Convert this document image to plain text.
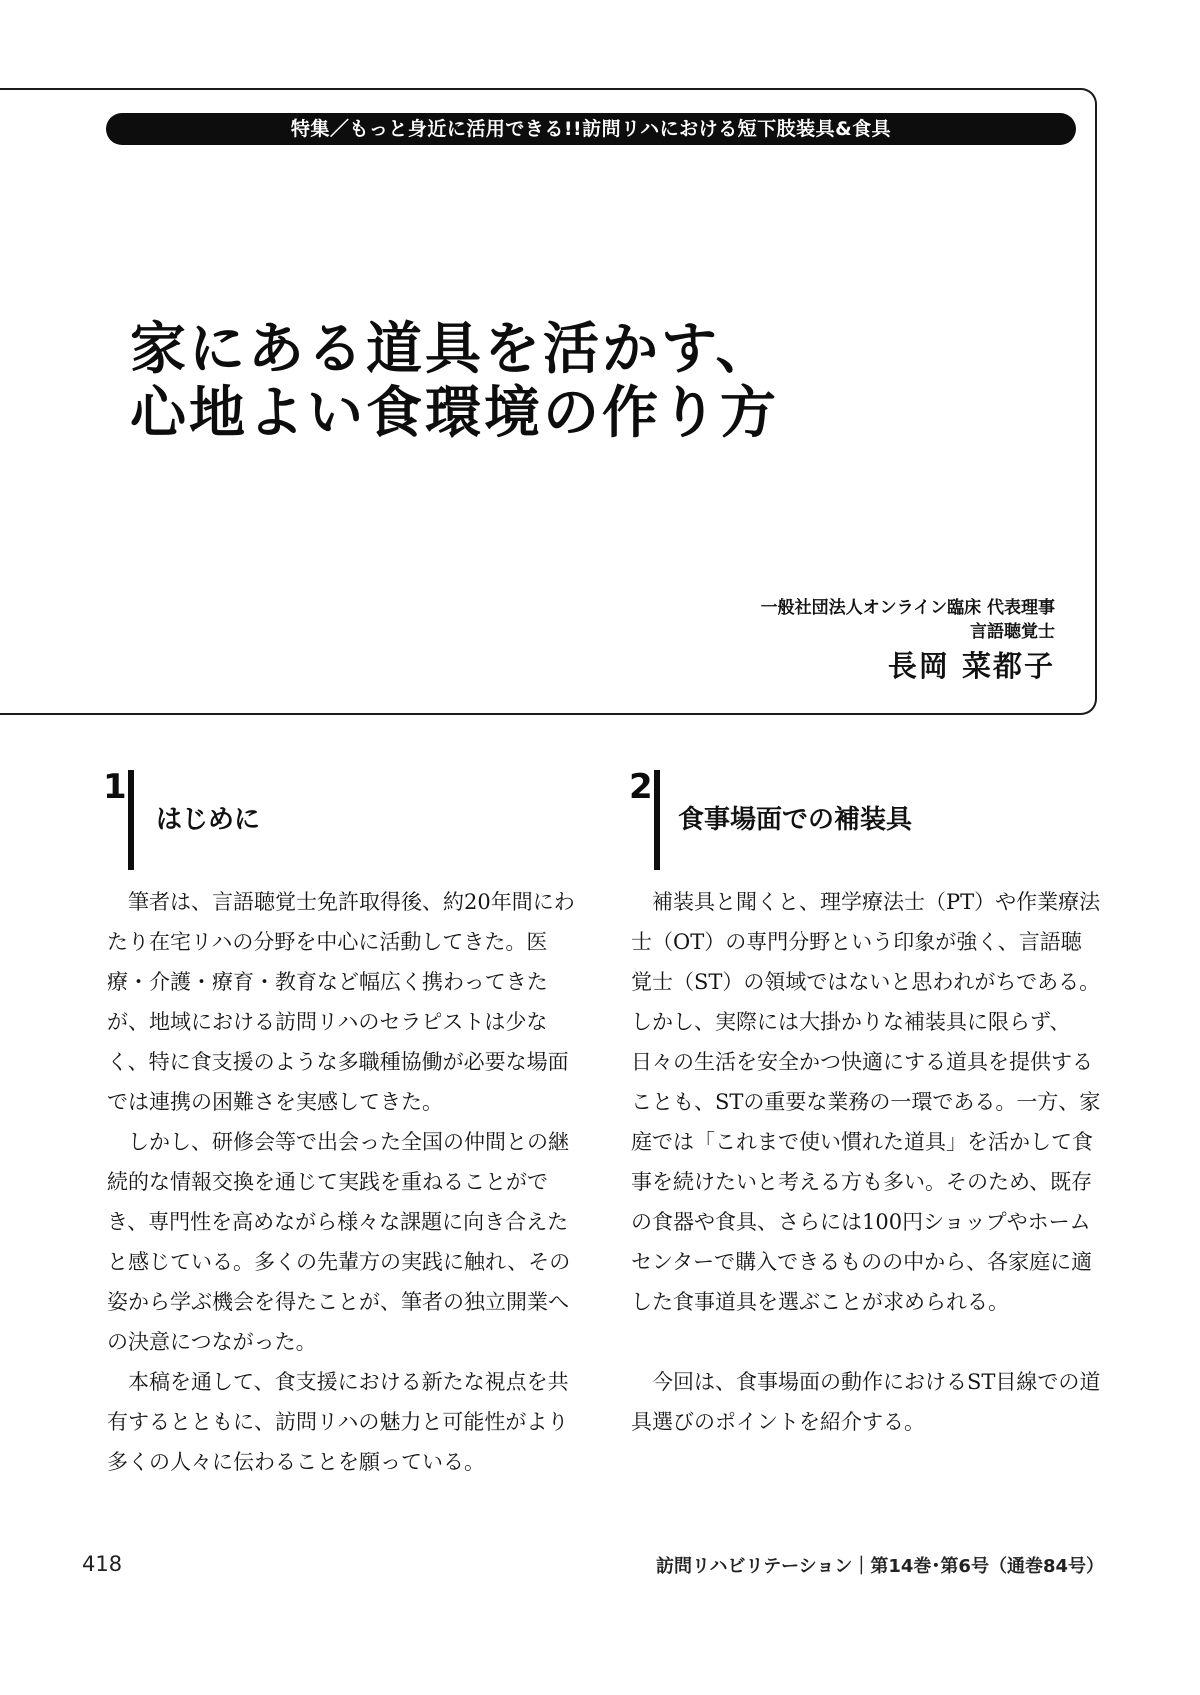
特集／もっと身近に活用できる!!訪問リハにおける短下肢装具&食具
家にある道具を活かす、
心地よい食環境の作り方
一般社団法人オンライン臨床 代表理事
言語聴覚士
長岡 菜都子
1
はじめに

筆者は、言語聴覚士免許取得後、約20年間にわたり在宅リハの分野を中心に活動してきた。医療・介護・療育・教育など幅広く携わってきたが、地域における訪問リハのセラピストは少なく、特に食支援のような多職種協働が必要な場面では連携の困難さを実感してきた。

しかし、研修会等で出会った全国の仲間との継続的な情報交換を通じて実践を重ねることができ、専門性を高めながら様々な課題に向き合えたと感じている。多くの先輩方の実践に触れ、その姿から学ぶ機会を得たことが、筆者の独立開業への決意につながった。

本稿を通して、食支援における新たな視点を共有するとともに、訪問リハの魅力と可能性がより多くの人々に伝わることを願っている。

2
食事場面での補装具

補装具と聞くと、理学療法士（PT）や作業療法士（OT）の専門分野という印象が強く、言語聴覚士（ST）の領域ではないと思われがちである。しかし、実際には大掛かりな補装具に限らず、日々の生活を安全かつ快適にする道具を提供することも、STの重要な業務の一環である。一方、家庭では「これまで使い慣れた道具」を活かして食事を続けたいと考える方も多い。そのため、既存の食器や食具、さらには100円ショップやホームセンターで購入できるものの中から、各家庭に適した食事道具を選ぶことが求められる。

今回は、食事場面の動作におけるST目線での道具選びのポイントを紹介する。

418	訪問リハビリテーション｜第14巻･第6号（通巻84号）
